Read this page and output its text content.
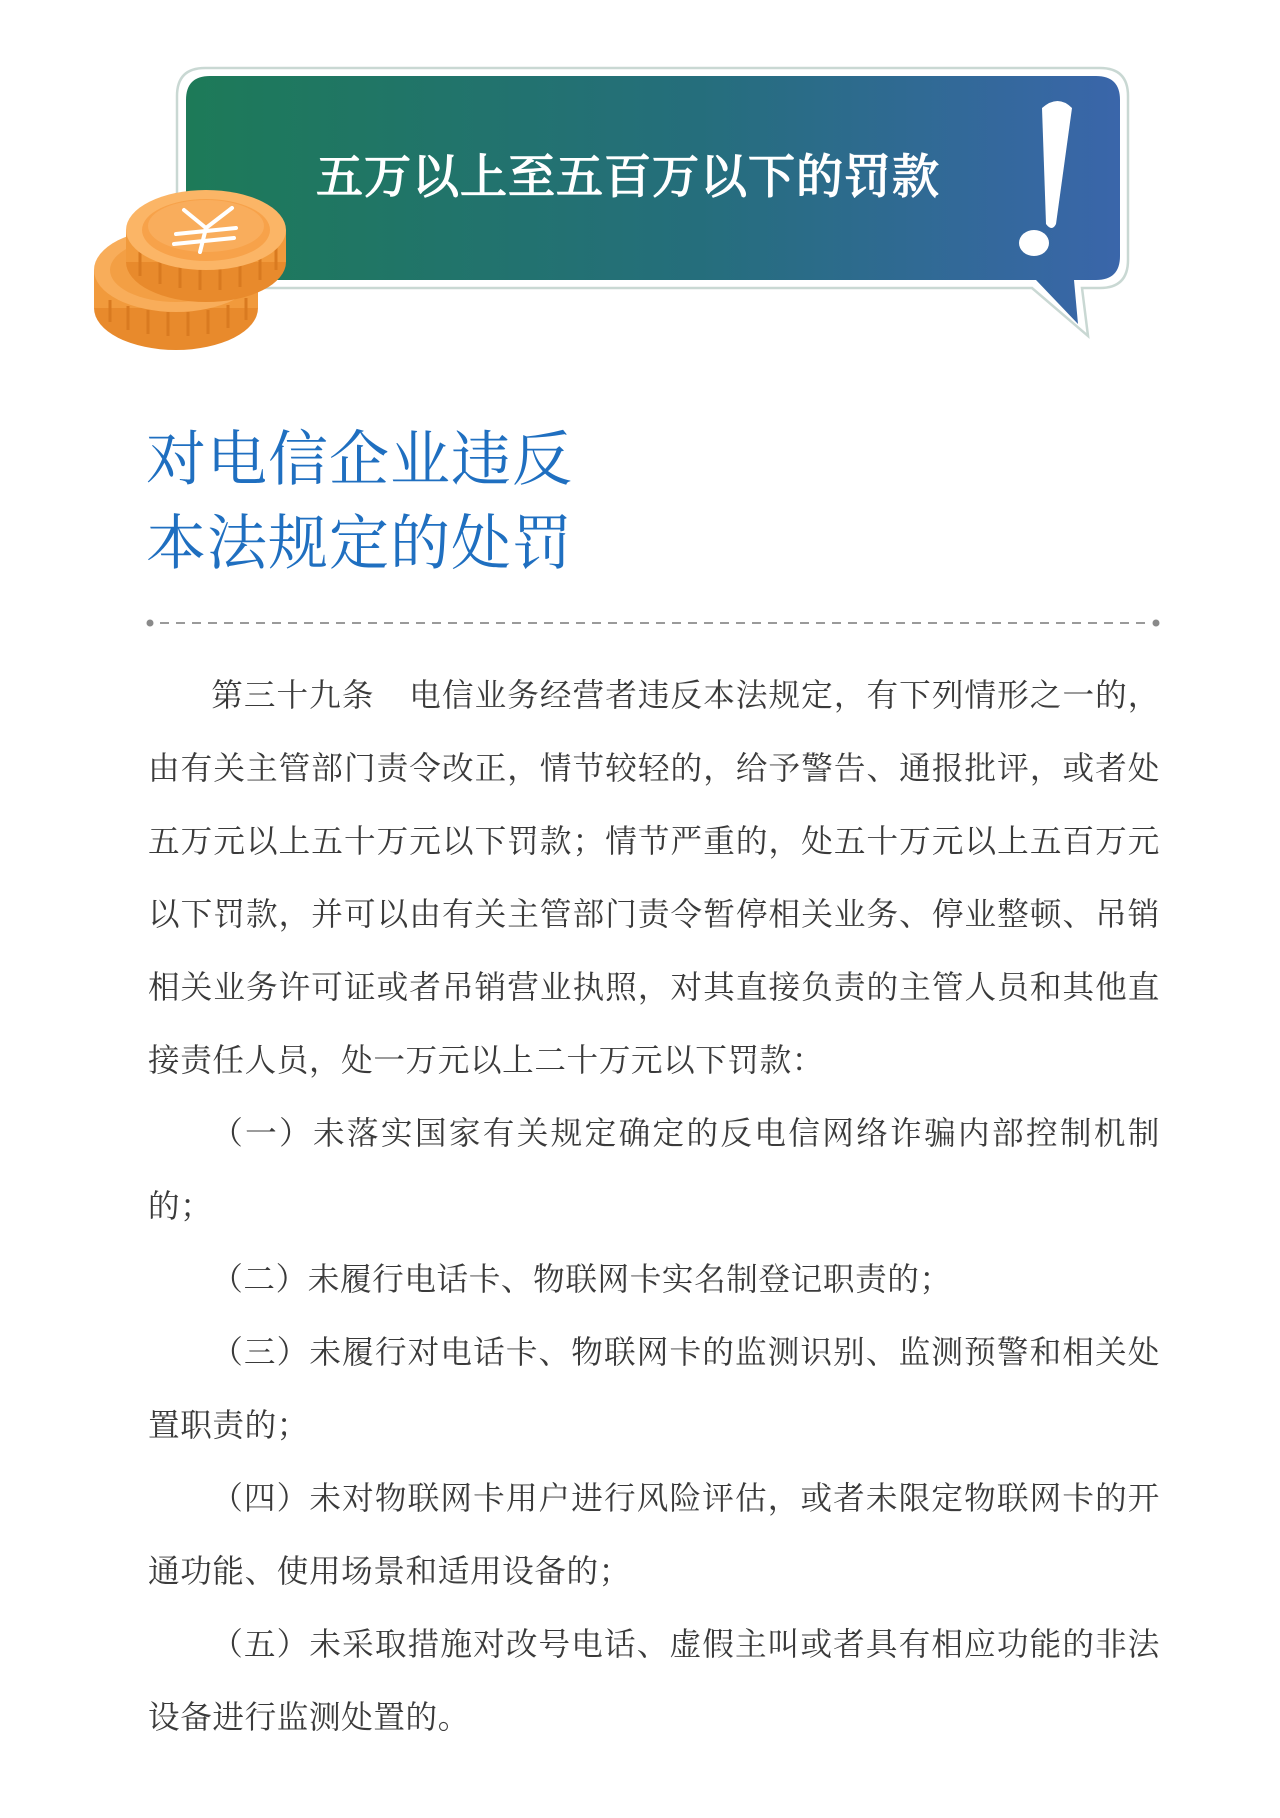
五万以上至五百万以下的罚款
对电信企业违反
本法规定的处罚

第三十九条 电信业务经营者违反本法规定，有下列情形之一的，由有关主管部门责令改正，情节较轻的，给予警告、通报批评，或者处五万元以上五十万元以下罚款；情节严重的，处五十万元以上五百万元以下罚款，并可以由有关主管部门责令暂停相关业务、停业整顿、吊销相关业务许可证或者吊销营业执照，对其直接负责的主管人员和其他直接责任人员，处一万元以上二十万元以下罚款：

（一）未落实国家有关规定确定的反电信网络诈骗内部控制机制的；

（二）未履行电话卡、物联网卡实名制登记职责的；

（三）未履行对电话卡、物联网卡的监测识别、监测预警和相关处置职责的；

（四）未对物联网卡用户进行风险评估，或者未限定物联网卡的开通功能、使用场景和适用设备的；

（五）未采取措施对改号电话、虚假主叫或者具有相应功能的非法设备进行监测处置的。
